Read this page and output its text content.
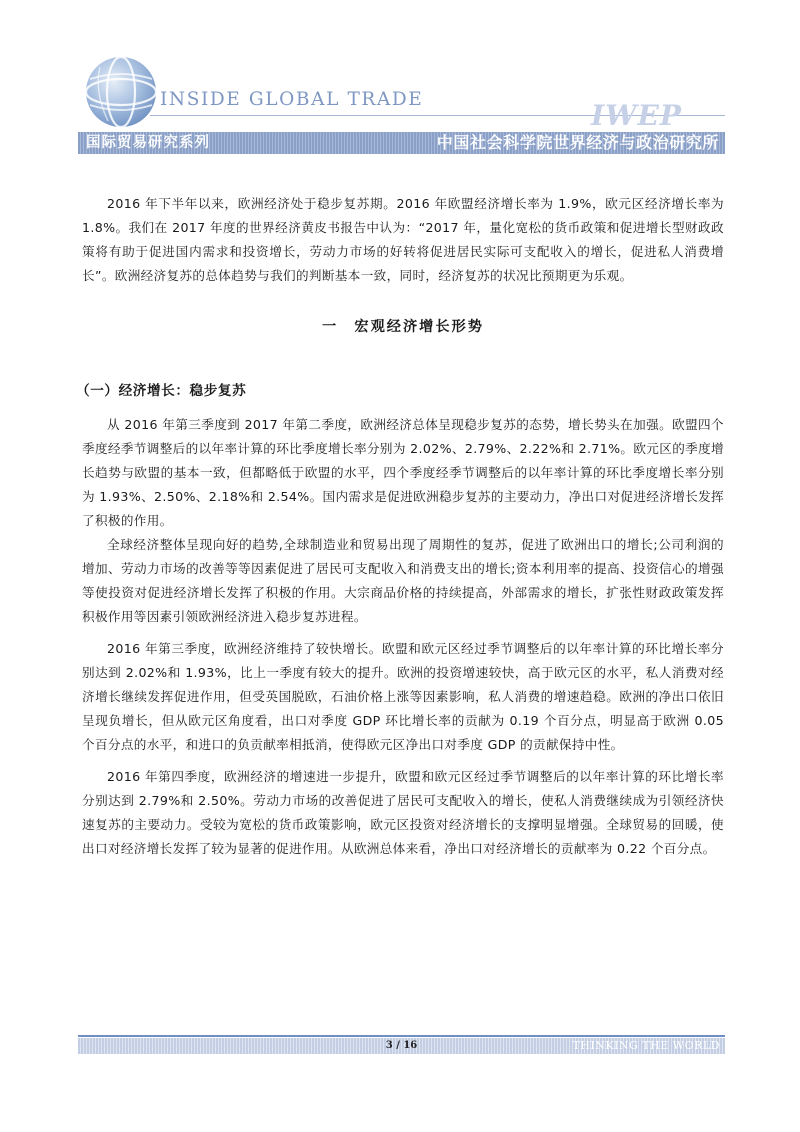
INSIDE GLOBAL TRADE	IWEP
国际贸易研究系列	中国社会科学院世界经济与政治研究所

2016 年下半年以来，欧洲经济处于稳步复苏期。2016 年欧盟经济增长率为 1.9%，欧元区经济增长率为 1.8%。我们在 2017 年度的世界经济黄皮书报告中认为：“2017 年，量化宽松的货币政策和促进增长型财政政策将有助于促进国内需求和投资增长，劳动力市场的好转将促进居民实际可支配收入的增长，促进私人消费增长”。欧洲经济复苏的总体趋势与我们的判断基本一致，同时，经济复苏的状况比预期更为乐观。

一　宏观经济增长形势
（一）经济增长：稳步复苏

从 2016 年第三季度到 2017 年第二季度，欧洲经济总体呈现稳步复苏的态势，增长势头在加强。欧盟四个季度经季节调整后的以年率计算的环比季度增长率分别为 2.02%、2.79%、2.22%和 2.71%。欧元区的季度增长趋势与欧盟的基本一致，但都略低于欧盟的水平，四个季度经季节调整后的以年率计算的环比季度增长率分别为 1.93%、2.50%、2.18%和 2.54%。国内需求是促进欧洲稳步复苏的主要动力，净出口对促进经济增长发挥了积极的作用。

全球经济整体呈现向好的趋势,全球制造业和贸易出现了周期性的复苏，促进了欧洲出口的增长;公司利润的增加、劳动力市场的改善等等因素促进了居民可支配收入和消费支出的增长;资本利用率的提高、投资信心的增强等使投资对促进经济增长发挥了积极的作用。大宗商品价格的持续提高，外部需求的增长，扩张性财政政策发挥积极作用等因素引领欧洲经济进入稳步复苏进程。

2016 年第三季度，欧洲经济维持了较快增长。欧盟和欧元区经过季节调整后的以年率计算的环比增长率分别达到 2.02%和 1.93%，比上一季度有较大的提升。欧洲的投资增速较快，高于欧元区的水平，私人消费对经济增长继续发挥促进作用，但受英国脱欧，石油价格上涨等因素影响，私人消费的增速趋稳。欧洲的净出口依旧呈现负增长，但从欧元区角度看，出口对季度 GDP 环比增长率的贡献为 0.19 个百分点，明显高于欧洲 0.05 个百分点的水平，和进口的负贡献率相抵消，使得欧元区净出口对季度 GDP 的贡献保持中性。

2016 年第四季度，欧洲经济的增速进一步提升，欧盟和欧元区经过季节调整后的以年率计算的环比增长率分别达到 2.79%和 2.50%。劳动力市场的改善促进了居民可支配收入的增长，使私人消费继续成为引领经济快速复苏的主要动力。受较为宽松的货币政策影响，欧元区投资对经济增长的支撑明显增强。全球贸易的回暖，使出口对经济增长发挥了较为显著的促进作用。从欧洲总体来看，净出口对经济增长的贡献率为 0.22 个百分点。

3 / 16	THINKING THE WORLD
